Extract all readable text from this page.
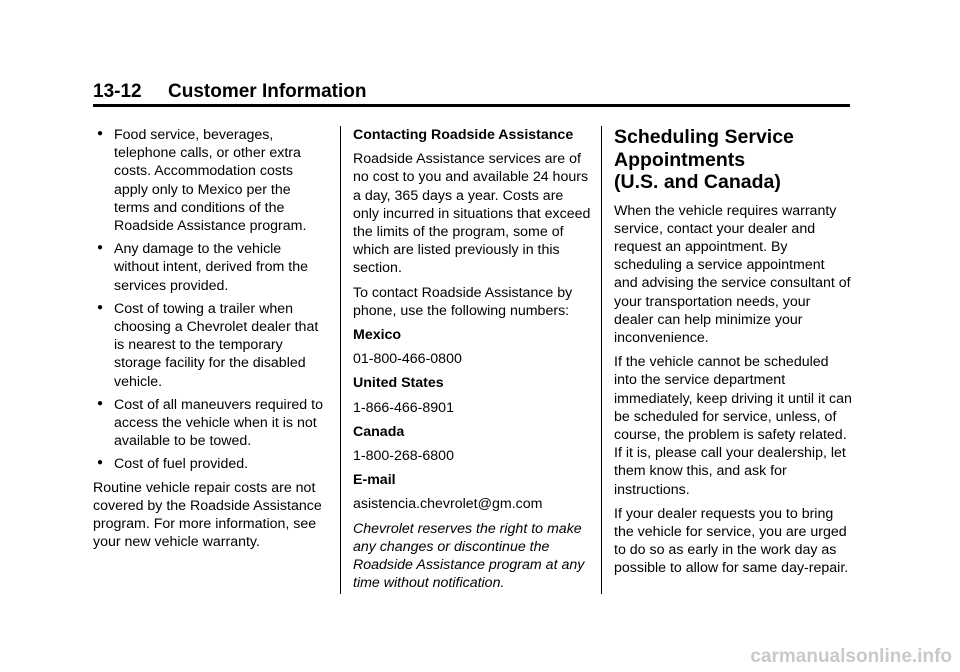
13-12 Customer Information
● Food service, beverages, telephone calls, or other extra costs. Accommodation costs apply only to Mexico per the terms and conditions of the Roadside Assistance program.
● Any damage to the vehicle without intent, derived from the services provided.
● Cost of towing a trailer when choosing a Chevrolet dealer that is nearest to the temporary storage facility for the disabled vehicle.
● Cost of all maneuvers required to access the vehicle when it is not available to be towed.
● Cost of fuel provided.

Routine vehicle repair costs are not covered by the Roadside Assistance program. For more information, see your new vehicle warranty.

Contacting Roadside Assistance

Roadside Assistance services are of no cost to you and available 24 hours a day, 365 days a year. Costs are only incurred in situations that exceed the limits of the program, some of which are listed previously in this section.

To contact Roadside Assistance by phone, use the following numbers:

Mexico

01-800-466-0800

United States

1-866-466-8901

Canada

1-800-268-6800

E-mail

asistencia.chevrolet@gm.com

Chevrolet reserves the right to make any changes or discontinue the Roadside Assistance program at any time without notification.

Scheduling Service
Appointments
(U.S. and Canada)

When the vehicle requires warranty service, contact your dealer and request an appointment. By scheduling a service appointment and advising the service consultant of your transportation needs, your dealer can help minimize your inconvenience.

If the vehicle cannot be scheduled into the service department immediately, keep driving it until it can be scheduled for service, unless, of course, the problem is safety related. If it is, please call your dealership, let them know this, and ask for instructions.

If your dealer requests you to bring the vehicle for service, you are urged to do so as early in the work day as possible to allow for same day-repair.

carmanualsonline.info
